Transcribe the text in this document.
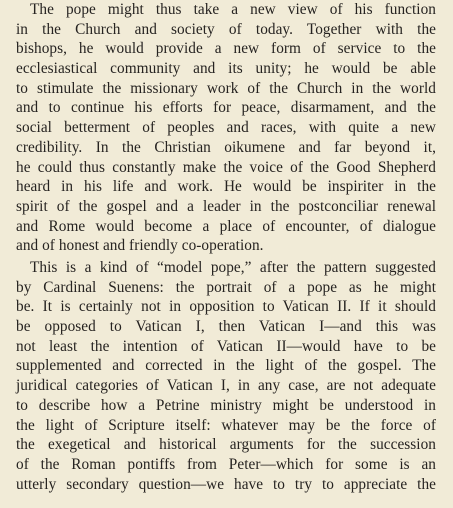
The pope might thus take a new view of his function
in the Church and society of today. Together with the
bishops, he would provide a new form of service to the
ecclesiastical community and its unity; he would be able
to stimulate the missionary work of the Church in the world
and to continue his efforts for peace, disarmament, and the
social betterment of peoples and races, with quite a new
credibility. In the Christian oikumene and far beyond it,
he could thus constantly make the voice of the Good Shepherd
heard in his life and work. He would be inspiriter in the
spirit of the gospel and a leader in the postconciliar renewal
and Rome would become a place of encounter, of dialogue
and of honest and friendly co-operation.
This is a kind of “model pope,” after the pattern suggested
by Cardinal Suenens: the portrait of a pope as he might
be. It is certainly not in opposition to Vatican II. If it should
be opposed to Vatican I, then Vatican I—and this was
not least the intention of Vatican II—would have to be
supplemented and corrected in the light of the gospel. The
juridical categories of Vatican I, in any case, are not adequate
to describe how a Petrine ministry might be understood in
the light of Scripture itself: whatever may be the force of
the exegetical and historical arguments for the succession
of the Roman pontiffs from Peter—which for some is an
utterly secondary question—we have to try to appreciate the
